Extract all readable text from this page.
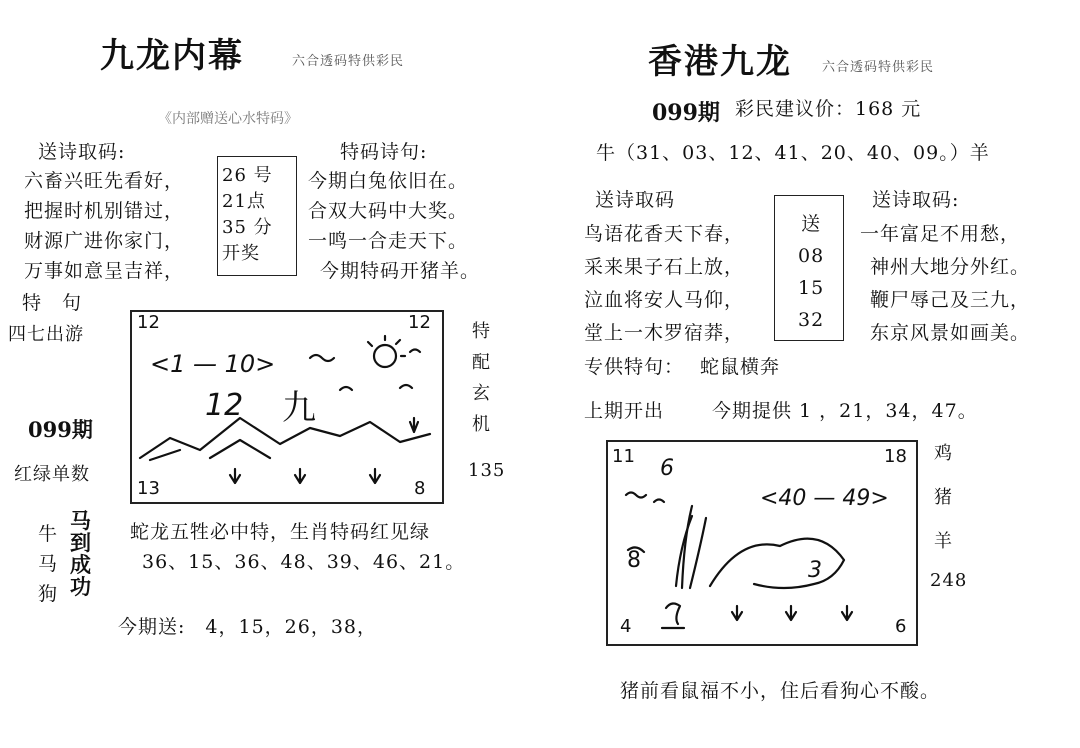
九龙内幕	六合透码特供彩民
《内部赠送心水特码》
送诗取码:	特码诗句:
六畜兴旺先看好，
把握时机别错过，
财源广进你家门，
万事如意呈吉祥，
26 号
21点
35 分
开奖
今期白兔依旧在。
合双大码中大奖。
一鸣一合走天下。
今期特码开猪羊。
特　句
四七出游
099期
红绿单数
12	12
13	8
<1 — 10>
12 九
特
配
玄
机
135
牛
马
狗
马
到
成
功
蛇龙五牲必中特，生肖特码红见绿
36、15、36、48、39、46、21。
今期送:　4，15，26，38，
香港九龙 六合透码特供彩民
099期 彩民建议价：168 元
牛（31、03、12、41、20、40、09。）羊
送诗取码	送诗取码:
鸟语花香天下春，
采来果子石上放，
泣血将安人马仰，
堂上一木罗宿莽，
送
08
15
32
一年富足不用愁，
神州大地分外红。
鞭尸辱己及三九，
东京风景如画美。
专供特句： 蛇鼠横奔
上期开出	今期提供 1 ，21，34，47。
11	18
4	6
6
<40 — 49>
8	3
鸡
猪
羊
248
猪前看鼠福不小，住后看狗心不酸。
